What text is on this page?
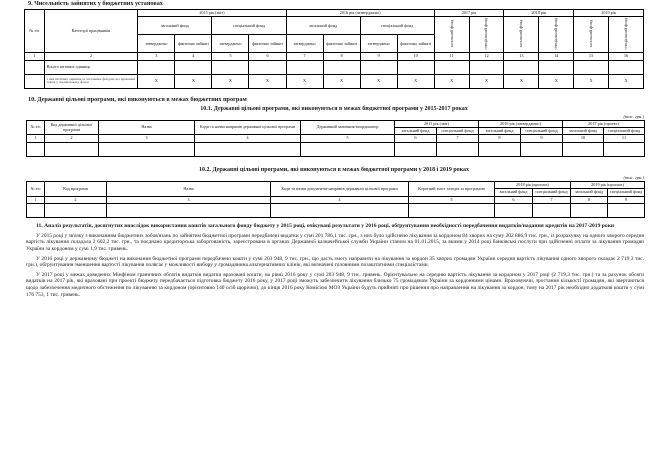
9. Чисельність зайнятих у бюджетних установах
№ з/п	Категорії працівників	2015 рік (звіт)				2016 рік (затверджено)				2017 рік		2018 рік		2019 рік	
		загальний фонд		спеціальний фонд		загальний фонд		спеціальний фонд		загальний фонд	спеціальний фонд	загальний фонд	спеціальний фонд	загальний фонд	спеціальний фонд
		затверджено	фактично зайняті	затверджено	фактично зайняті	затверджено	фактично зайняті	затверджено	фактично зайняті						
1	2	3	4	5	6	7	8	9	10	11	12	13	14	15	16
	Всього штатних одиниць														
	з них штатних одиниць за загальним фондом, що враховані також у спеціальному фонді	X	X	X	X	X	X	X	X	X	X	X	X	X	X
10. Державні цільові програми, які виконуються в межах бюджетних програм
10.1. Державні цільові програми, які виконуються в межах бюджетної програми у 2015-2017 роках
(тис. грн.)
№ з/п	Код державної цільової програми	Назва	Коди та назви напрямів державної цільової програми	Державний замовник-координатор	2015 рік (звіт)		2016 рік (затверджено)		2017 рік (проект)	
					загальний фонд	спеціальний фонд	загальний фонд	спеціальний фонд	загальний фонд	спеціальний фонд
1	2	3	4	5	6	7	8	9	10	11

10.2. Державні цільові програми, які виконуються в межах бюджетної програми у 2018 і 2019 роках
(тис. грн.)
№ з/п	Код програми	Назва	Коди та назви документів-напрямів державної цільової програми	Коротний зміст заходів за програмою	2018 рік (прогноз)		2019 рік (прогноз)	
					загальний фонд	спеціальний фонд	загальний фонд	спеціальний фонд
1	2	3	4	5	6	7	8	9

11. Аналіз результатів, досягнутих внаслідок використання коштів загального фонду бюджету у 2015 році, очікувані результати у 2016 році, обґрунтування необхідності передбачення видатків/надання кредитів на 2017-2019 роки
У 2015 році у зв'язку з виконанням бюджетних зобов'язань по зайнятим бюджетної програми передбачені видатки у сумі 201 786,1 тис. грн., з них було здійснено лікування за кордоном 84 хворих на суму 202 886,9 тис. грн., із розрахунку на одного хворого середня вартість лікування складала 2 602,2 тис. грн., та поєднано кредиторська заборгованість, зареєстрована в органах Державної казначейської служби України станом на 01.01.2015, за якими у 2014 році банківські послуги при здійсненні оплати за лікування громадян України за кордоном у сумі 1,9 тис. гривень.
У 2016 році у державному бюджеті на виконання бюджетної програми передбачено кошти у сумі 203 948, 9 тис. грн., що дасть змогу направити на лікування за кордон 35 хворих громадян України середня вартість лікування одного хворого складає 2 719,3 тис. грн.), обґрунтування зменшення вартості лікування полягає у можливості вибору у громадянина альтернативних клінік, які визначені головними позаштатними спеціалістами.
У 2017 році у межах доведених Мінфіном граничних обсягів видатків видатки враховані кошти, на рівні 2016 року у сумі 203 948, 9 тис. гривень. Орієнтувально на середню вартість лікування за кордоном у 2017 році (2 719,3 тис. грн.) та за рахунок обсяги видатків на 2017 рік, які враховані при проекті бюджету передбачається підготовка бюджету 2016 року, у 2017 році зможуть забезпечити лікування близько 75 громадянам України за кордонними цінами. Враховуючи, зростання кількості громадян, які звертаються щодо забезпечення медичного обстеження по лікуванню за кордоном (орієнтовно 140 осіб щорічно), до кінця 2016 року Комісією МОЗ України будуть прийняті про рішення про направлення на лікування за кордон, тому на 2017 рік необхідно додаткові кошти у сумі 176 753, 1 тис. гривень.
